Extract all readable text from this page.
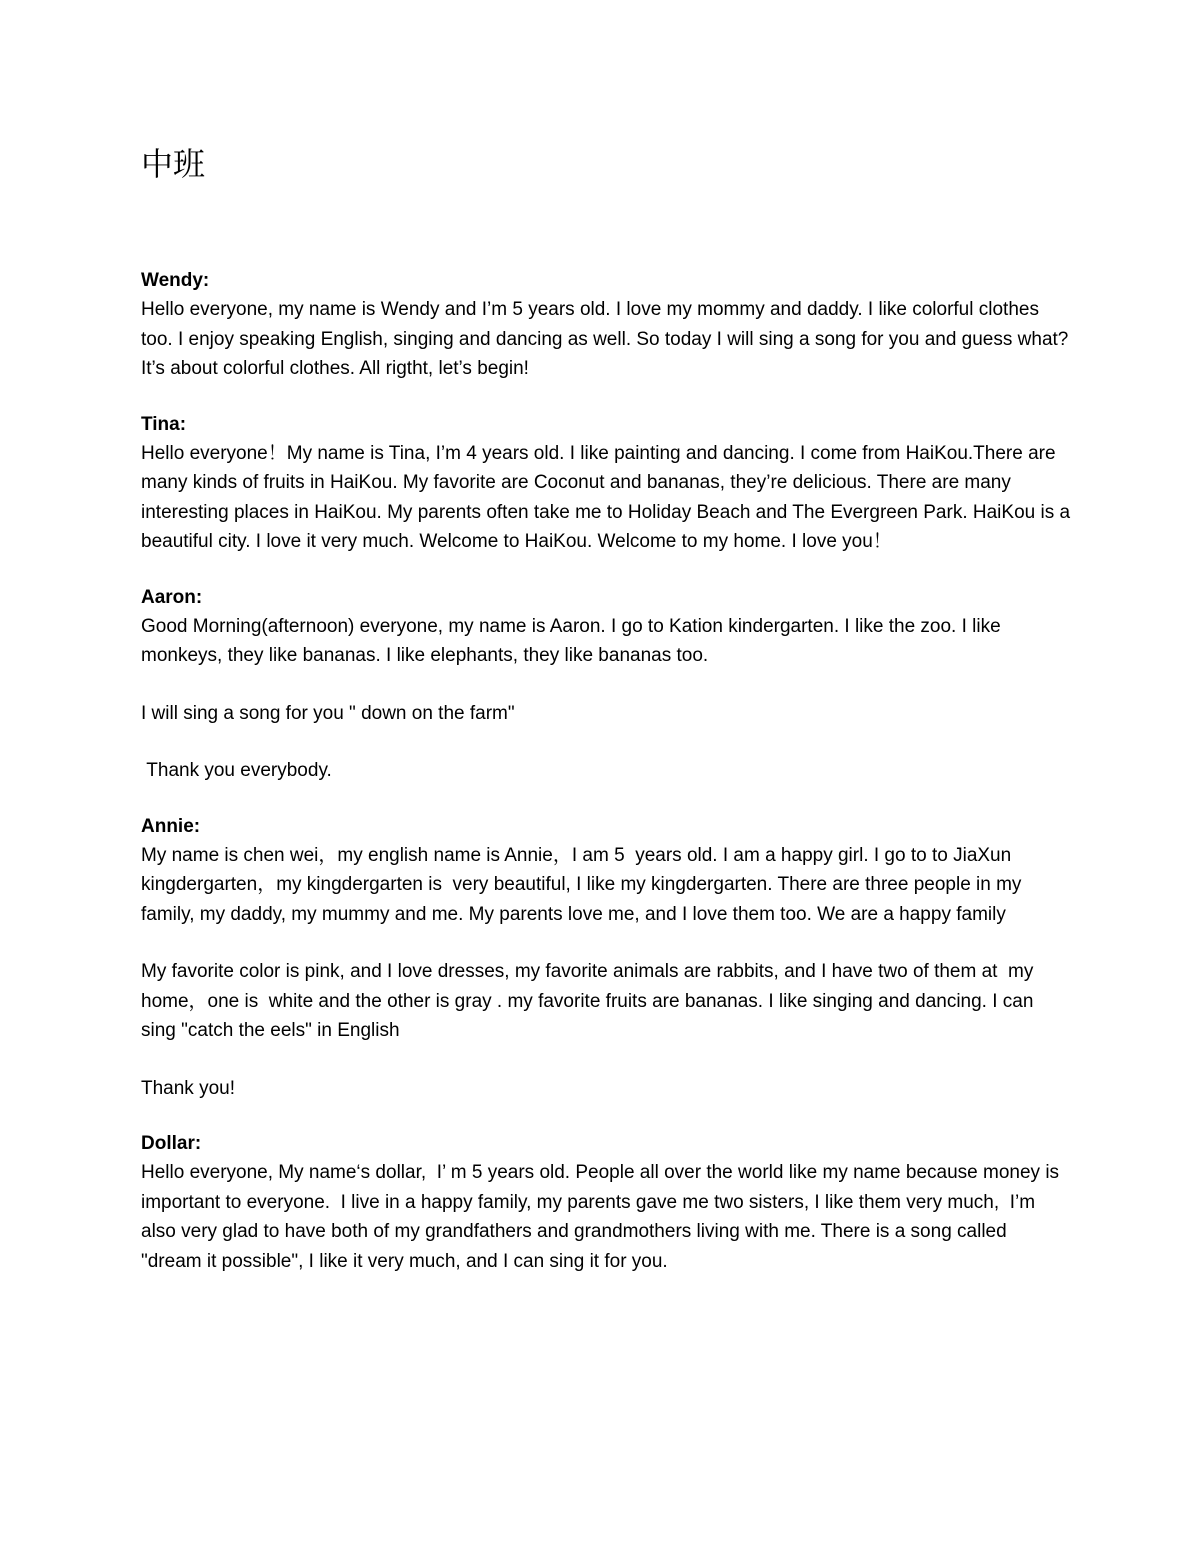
中班

Wendy:

Hello everyone, my name is Wendy and I’m 5 years old. I love my mommy and daddy. I like colorful clothes too. I enjoy speaking English, singing and dancing as well. So today I will sing a song for you and guess what? It’s about colorful clothes. All rigtht, let’s begin!

Tina:

Hello everyone！My name is Tina, I’m 4 years old. I like painting and dancing. I come from HaiKou.There are many kinds of fruits in HaiKou. My favorite are Coconut and bananas, they’re delicious. There are many interesting places in HaiKou. My parents often take me to Holiday Beach and The Evergreen Park. HaiKou is a beautiful city. I love it very much. Welcome to HaiKou. Welcome to my home. I love you！

Aaron:

Good Morning(afternoon) everyone, my name is Aaron. I go to Kation kindergarten. I like the zoo. I like monkeys, they like bananas. I like elephants, they like bananas too.

I will sing a song for you " down on the farm"

Thank you everybody.

Annie:

My name is chen wei，my english name is Annie，I am 5  years old. I am a happy girl. I go to to JiaXun kingdergarten，my kingdergarten is  very beautiful, I like my kingdergarten. There are three people in my family, my daddy, my mummy and me. My parents love me, and I love them too. We are a happy family

My favorite color is pink, and I love dresses, my favorite animals are rabbits, and I have two of them at  my home，one is  white and the other is gray . my favorite fruits are bananas. I like singing and dancing. I can sing "catch the eels" in English

Thank you!

Dollar:

Hello everyone, My name‘s dollar,  I’ m 5 years old. People all over the world like my name because money is important to everyone.  I live in a happy family, my parents gave me two sisters, I like them very much,  I’m also very glad to have both of my grandfathers and grandmothers living with me. There is a song called "dream it possible", I like it very much, and I can sing it for you.
